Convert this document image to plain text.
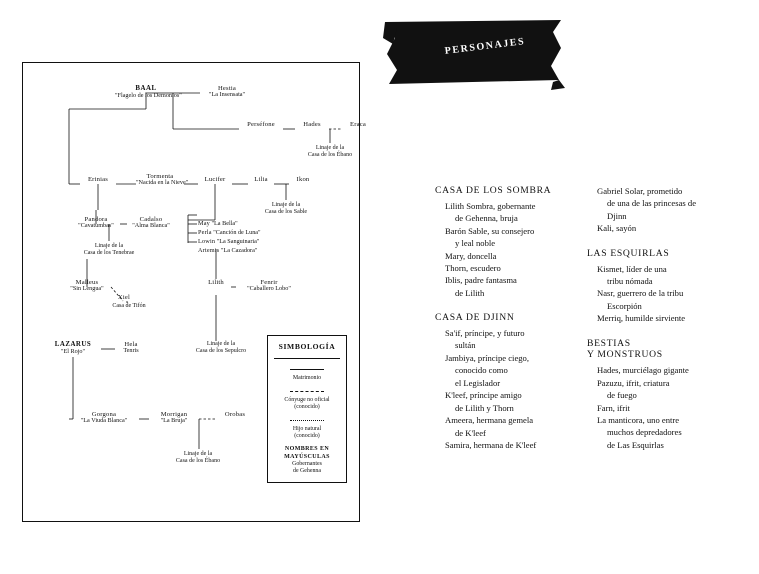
PERSONAJES
BAAL
"Flagelo de los Demonios"
Hestia
"La Insensata"
Perséfone	Hades	Eraca
Erinias	Tormenta
"Nacida en la Nieve"	Lucifer	Lilia	Ikon
Pandora
"Cavatumbas"
Cadalso
"Alma Blanca"	May "La Bella"
Perla "Canción de Luna"
Lowin "La Sanguinaria"
Artemis "La Cazadora"
Malleus
"Sin Lengua"
Lilith	Fenrir
"Caballero Lobo"
Xiel
LAZARUS
"El Rojo"
Hela
Tenris
Gorgona
"La Viuda Blanca"
Morrigan
"La Bruja"
Orobas
Linaje de la
Casa de los Ébano
Linaje de la
Casa de los Sable
Linaje de la
Casa de los Tenebrae
Casa de Tifón
Linaje de la
Casa de los Sepulcro
Linaje de la
Casa de los Ébano
SIMBOLOGÍA
Matrimonio
Cónyuge no oficial
(conocido)
Hijo natural
(conocido)
NOMBRES EN MAYÚSCULAS
Gobernantes
de Gehenna
CASA DE LOS SOMBRA
Lilith Sombra, gobernante
de Gehenna, bruja
Barón Sable, su consejero
y leal noble
Mary, doncella
Thorn, escudero
Iblis, padre fantasma
de Lilith
CASA DE DJINN
Sa'if, príncipe, y futuro
sultán
Jambiya, príncipe ciego,
conocido como
el Legislador
K'leef, príncipe amigo
de Lilith y Thorn
Ameera, hermana gemela
de K'leef
Samira, hermana de K'leef
Gabriel Solar, prometido
de una de las princesas de
Djinn
Kali, sayón
LAS ESQUIRLAS
Kismet, líder de una
tribu nómada
Nasr, guerrero de la tribu
Escorpión
Merriq, humilde sirviente
BESTIAS
Y MONSTRUOS
Hades, murciélago gigante
Pazuzu, ifrit, criatura
de fuego
Farn, ifrit
La manticora, uno entre
muchos depredadores
de Las Esquirlas
